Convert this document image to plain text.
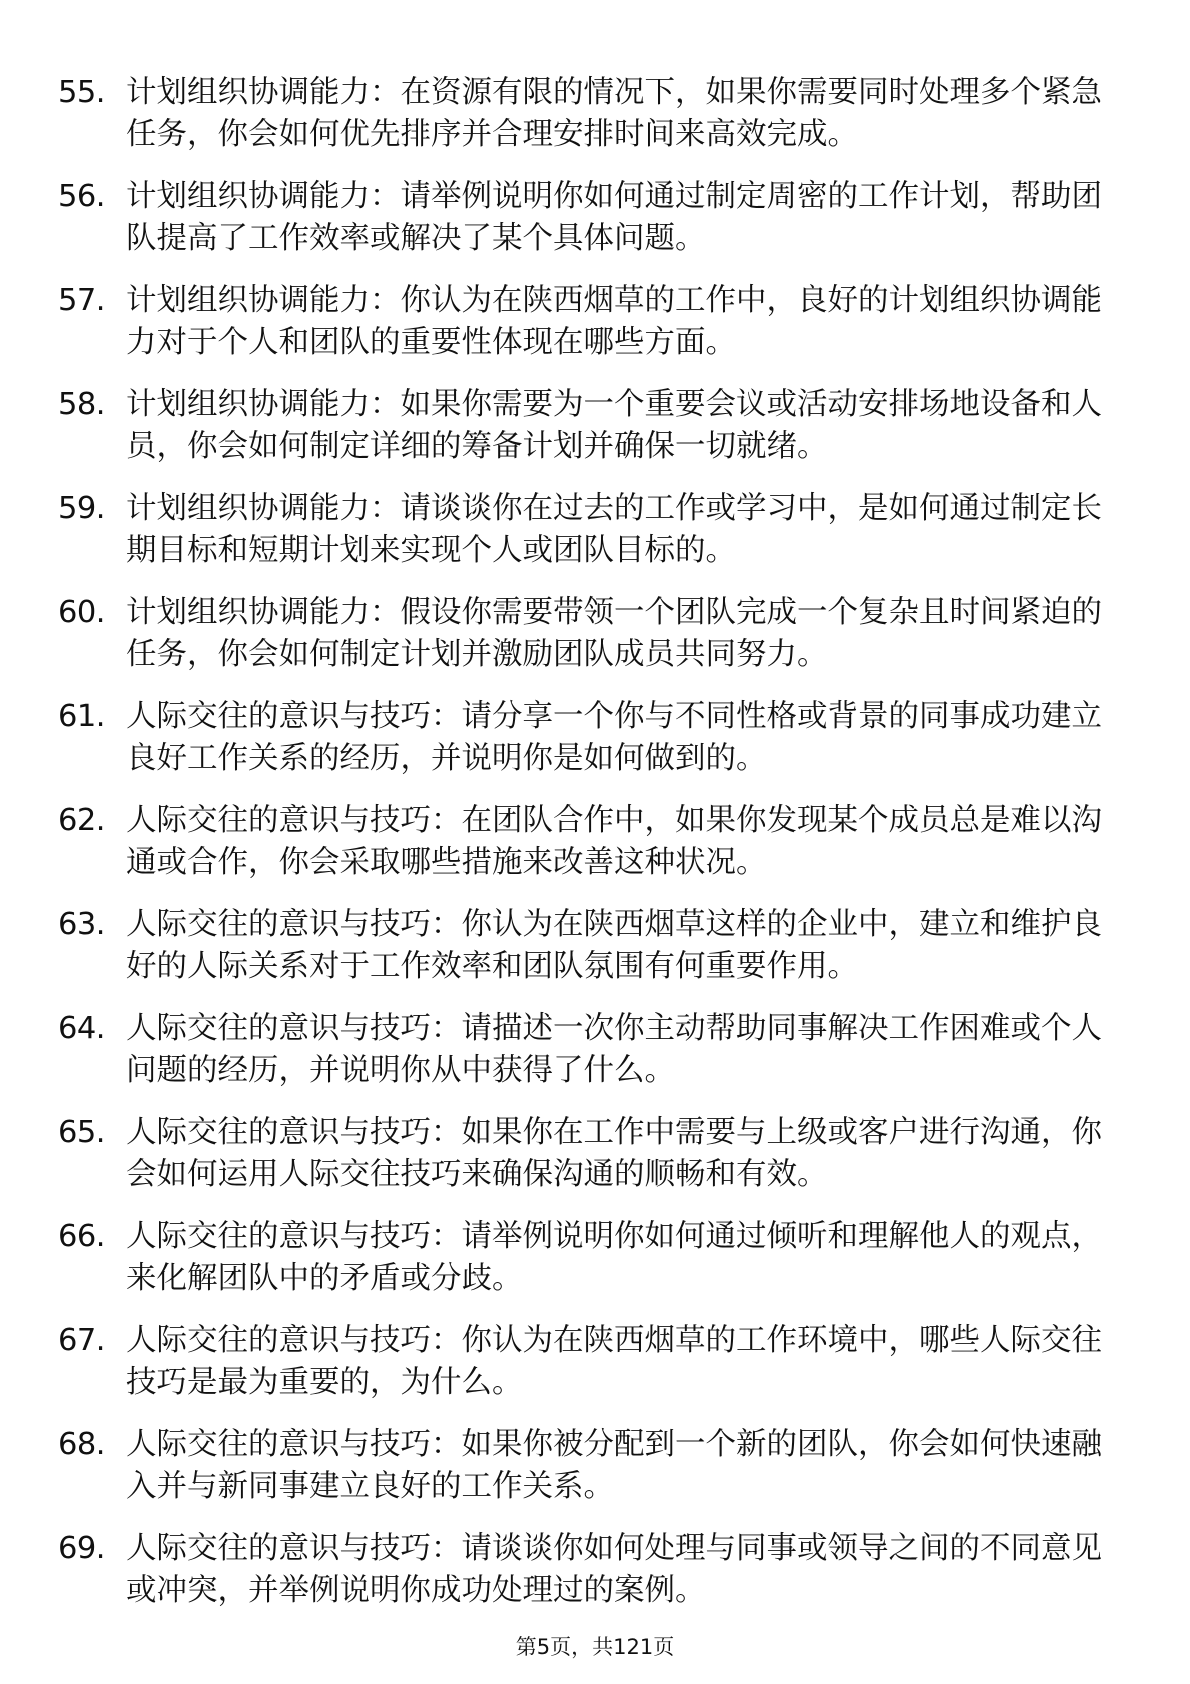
55. 计划组织协调能力：在资源有限的情况下，如果你需要同时处理多个紧急任务，你会如何优先排序并合理安排时间来高效完成。
56. 计划组织协调能力：请举例说明你如何通过制定周密的工作计划，帮助团队提高了工作效率或解决了某个具体问题。
57. 计划组织协调能力：你认为在陕西烟草的工作中，良好的计划组织协调能力对于个人和团队的重要性体现在哪些方面。
58. 计划组织协调能力：如果你需要为一个重要会议或活动安排场地设备和人员，你会如何制定详细的筹备计划并确保一切就绪。
59. 计划组织协调能力：请谈谈你在过去的工作或学习中，是如何通过制定长期目标和短期计划来实现个人或团队目标的。
60. 计划组织协调能力：假设你需要带领一个团队完成一个复杂且时间紧迫的任务，你会如何制定计划并激励团队成员共同努力。
61. 人际交往的意识与技巧：请分享一个你与不同性格或背景的同事成功建立良好工作关系的经历，并说明你是如何做到的。
62. 人际交往的意识与技巧：在团队合作中，如果你发现某个成员总是难以沟通或合作，你会采取哪些措施来改善这种状况。
63. 人际交往的意识与技巧：你认为在陕西烟草这样的企业中，建立和维护良好的人际关系对于工作效率和团队氛围有何重要作用。
64. 人际交往的意识与技巧：请描述一次你主动帮助同事解决工作困难或个人问题的经历，并说明你从中获得了什么。
65. 人际交往的意识与技巧：如果你在工作中需要与上级或客户进行沟通，你会如何运用人际交往技巧来确保沟通的顺畅和有效。
66. 人际交往的意识与技巧：请举例说明你如何通过倾听和理解他人的观点，来化解团队中的矛盾或分歧。
67. 人际交往的意识与技巧：你认为在陕西烟草的工作环境中，哪些人际交往技巧是最为重要的，为什么。
68. 人际交往的意识与技巧：如果你被分配到一个新的团队，你会如何快速融入并与新同事建立良好的工作关系。
69. 人际交往的意识与技巧：请谈谈你如何处理与同事或领导之间的不同意见或冲突，并举例说明你成功处理过的案例。
第5页，共121页
